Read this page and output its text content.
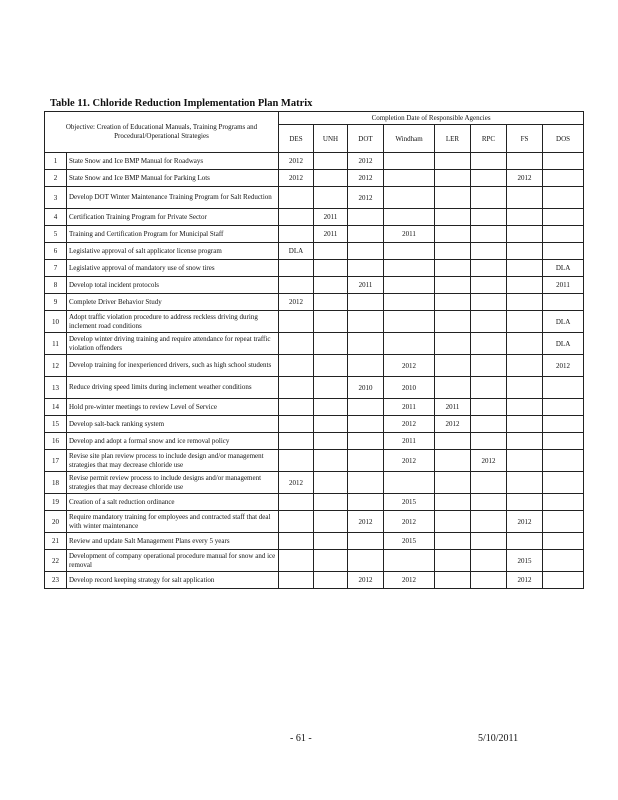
Table 11. Chloride Reduction Implementation Plan Matrix
Objective: Creation of Educational Manuals, Training Programs and Procedural/Operational Strategies		Completion Date of Responsible Agencies							
		DES	UNH	DOT	Windham	LER	RPC	FS	DOS
1	State Snow and Ice BMP Manual for Roadways	2012		2012					
2	State Snow and Ice BMP Manual for Parking Lots	2012		2012				2012	
3	Develop DOT Winter Maintenance Training Program for Salt Reduction			2012					
4	Certification Training Program for Private Sector		2011						
5	Training and Certification Program for Municipal Staff		2011		2011				
6	Legislative approval of salt applicator license program	DLA							
7	Legislative approval of mandatory use of snow tires								DLA
8	Develop total incident protocols			2011					2011
9	Complete Driver Behavior Study	2012							
10	Adopt traffic violation procedure to address reckless driving during inclement road conditions								DLA
11	Develop winter driving training and require attendance for repeat traffic violation offenders								DLA
12	Develop training for inexperienced drivers, such as high school students				2012				2012
13	Reduce driving speed limits during inclement weather conditions			2010	2010				
14	Hold pre-winter meetings to review Level of Service				2011	2011			
15	Develop salt-back ranking system				2012	2012			
16	Develop and adopt a formal snow and ice removal policy				2011				
17	Revise site plan review process to include design and/or management strategies that may decrease chloride use				2012		2012		
18	Revise permit review process to include designs and/or management strategies that may decrease chloride use	2012							
19	Creation of a salt reduction ordinance				2015				
20	Require mandatory training for employees and contracted staff that deal with winter maintenance			2012	2012			2012	
21	Review and update Salt Management Plans every 5 years				2015				
22	Development of company operational procedure manual for snow and ice removal							2015	
23	Develop record keeping strategy for salt application			2012	2012			2012	
- 61 -	5/10/2011
